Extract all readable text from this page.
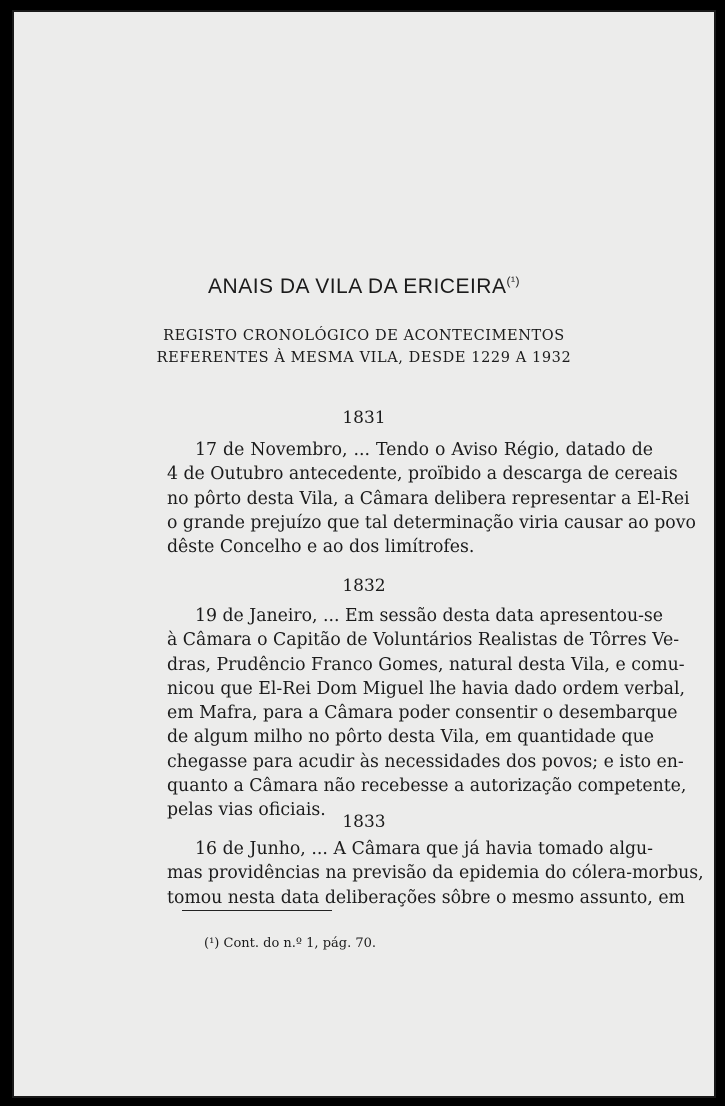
ANAIS DA VILA DA $ERICEIRA^{(^1)}$
REGISTO CRONOLÓGICO DE ACONTECIMENTOS
REFERENTES À MESMA VILA, DESDE 1229 A 1932
1831
17 de Novembro, ... Tendo o Aviso Régio, datado de
4 de Outubro antecedente, proïbido a descarga de cereais
no pôrto desta Vila, a Câmara delibera representar a El-Rei
o grande prejuízo que tal determinação viria causar ao povo
dêste Concelho e ao dos limítrofes.
1832
19 de Janeiro, ... Em sessão desta data apresentou-se
à Câmara o Capitão de Voluntários Realistas de Tôrres Ve-
dras, Prudêncio Franco Gomes, natural desta Vila, e comu-
nicou que El-Rei Dom Miguel lhe havia dado ordem verbal,
em Mafra, para a Câmara poder consentir o desembarque
de algum milho no pôrto desta Vila, em quantidade que
chegasse para acudir às necessidades dos povos; e isto en-
quanto a Câmara não recebesse a autorização competente,
pelas vias oficiais.
1833
16 de Junho, ... A Câmara que já havia tomado algu-
mas providências na previsão da epidemia do cólera-morbus,
tomou nesta data deliberações sôbre o mesmo assunto, em
(¹) Cont. do n.º 1, pág. 70.
